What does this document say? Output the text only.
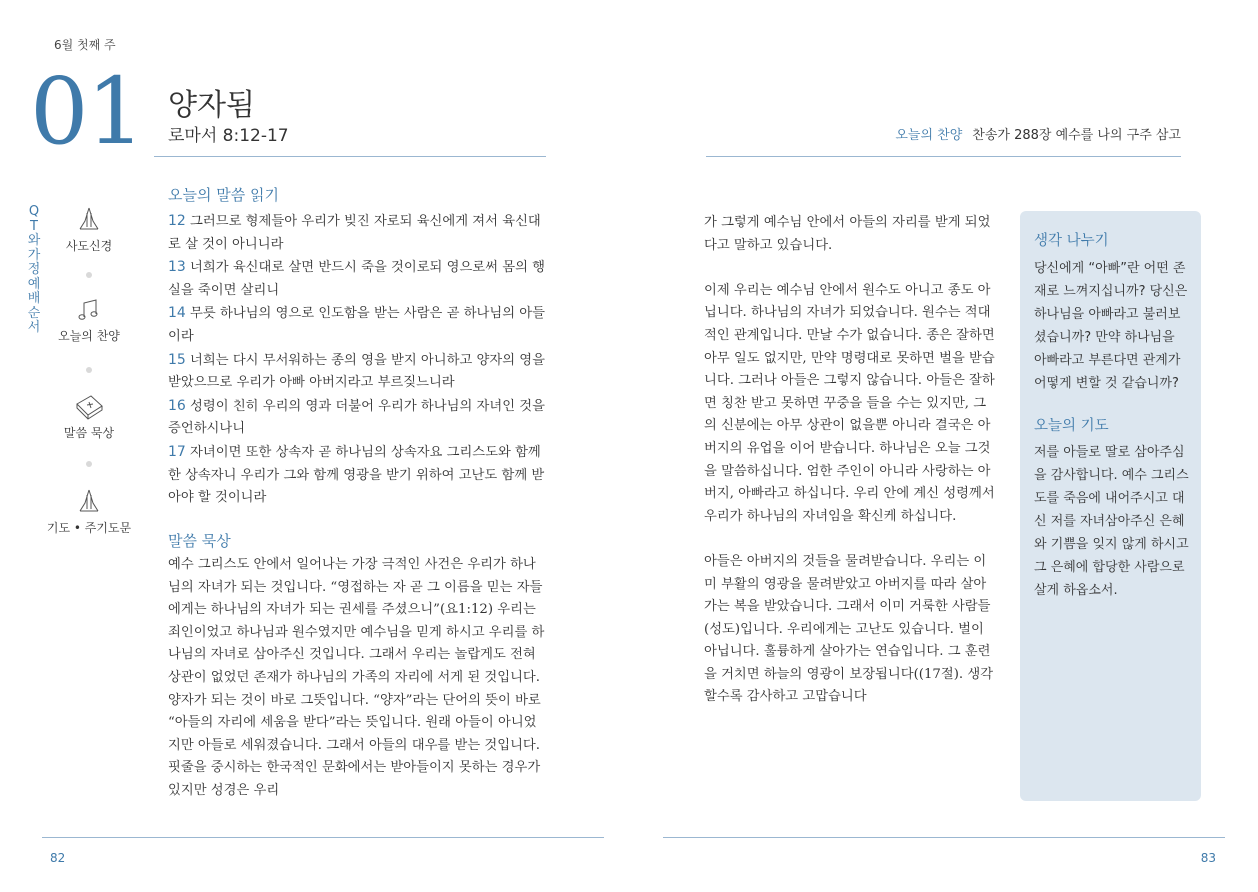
6월 첫째 주
01 양자됨
로마서 8:12-17	오늘의 찬양 찬송가 288장 예수를 나의 구주 삼고
QT와 가정예배 순서
사도신경
오늘의 찬양
말씀 묵상
기도 • 주기도문
오늘의 말씀 읽기
12 그러므로 형제들아 우리가 빚진 자로되 육신에게 져서 육신대로 살 것이 아니니라
13 너희가 육신대로 살면 반드시 죽을 것이로되 영으로써 몸의 행실을 죽이면 살리니
14 무릇 하나님의 영으로 인도함을 받는 사람은 곧 하나님의 아들이라
15 너희는 다시 무서워하는 종의 영을 받지 아니하고 양자의 영을 받았으므로 우리가 아빠 아버지라고 부르짖느니라
16 성령이 친히 우리의 영과 더불어 우리가 하나님의 자녀인 것을 증언하시나니
17 자녀이면 또한 상속자 곧 하나님의 상속자요 그리스도와 함께 한 상속자니 우리가 그와 함께 영광을 받기 위하여 고난도 함께 받아야 할 것이니라
말씀 묵상

예수 그리스도 안에서 일어나는 가장 극적인 사건은 우리가 하나님의 자녀가 되는 것입니다. “영접하는 자 곧 그 이름을 믿는 자들에게는 하나님의 자녀가 되는 권세를 주셨으니”(요1:12) 우리는 죄인이었고 하나님과 원수였지만 예수님을 믿게 하시고 우리를 하나님의 자녀로 삼아주신 것입니다. 그래서 우리는 놀랍게도 전혀 상관이 없었던 존재가 하나님의 가족의 자리에 서게 된 것입니다. 양자가 되는 것이 바로 그뜻입니다. “양자”라는 단어의 뜻이 바로 “아들의 자리에 세움을 받다”라는 뜻입니다. 원래 아들이 아니었지만 아들로 세워졌습니다. 그래서 아들의 대우를 받는 것입니다. 핏줄을 중시하는 한국적인 문화에서는 받아들이지 못하는 경우가 있지만 성경은 우리

가 그렇게 예수님 안에서 아들의 자리를 받게 되었다고 말하고 있습니다.

이제 우리는 예수님 안에서 원수도 아니고 종도 아닙니다. 하나님의 자녀가 되었습니다. 원수는 적대적인 관계입니다. 만날 수가 없습니다. 종은 잘하면 아무 일도 없지만, 만약 명령대로 못하면 벌을 받습니다. 그러나 아들은 그렇지 않습니다. 아들은 잘하면 칭찬 받고 못하면 꾸중을 들을 수는 있지만, 그의 신분에는 아무 상관이 없을뿐 아니라 결국은 아버지의 유업을 이어 받습니다. 하나님은 오늘 그것을 말씀하십니다. 엄한 주인이 아니라 사랑하는 아버지, 아빠라고 하십니다. 우리 안에 계신 성령께서 우리가 하나님의 자녀임을 확신케 하십니다.

아들은 아버지의 것들을 물려받습니다. 우리는 이미 부활의 영광을 물려받았고 아버지를 따라 살아가는 복을 받았습니다. 그래서 이미 거룩한 사람들(성도)입니다. 우리에게는 고난도 있습니다. 벌이 아닙니다. 훌륭하게 살아가는 연습입니다. 그 훈련을 거치면 하늘의 영광이 보장됩니다((17절). 생각할수록 감사하고 고맙습니다

생각 나누기
당신에게 “아빠”란 어떤 존재로 느껴지십니까? 당신은 하나님을 아빠라고 불러보셨습니까? 만약 하나님을 아빠라고 부른다면 관계가 어떻게 변할 것 같습니까?
오늘의 기도
저를 아들로 딸로 삼아주심을 감사합니다. 예수 그리스도를 죽음에 내어주시고 대신 저를 자녀삼아주신 은혜와 기쁨을 잊지 않게 하시고 그 은혜에 합당한 사람으로 살게 하옵소서.
82	83
